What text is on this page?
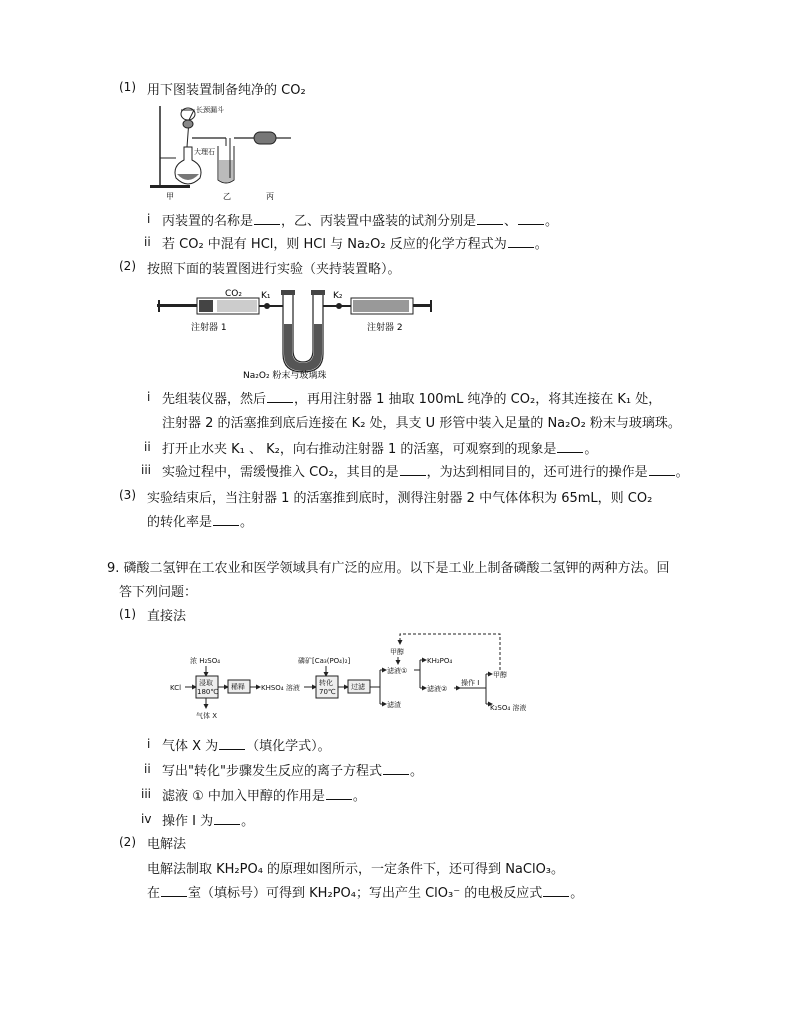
(1) 用下图装置制备纯净的 CO₂
长颈漏斗
大理石
甲	乙	丙
i 丙装置的名称是 ，乙、丙装置中盛装的试剂分别是 、 。
ii 若 CO₂ 中混有 HCl，则 HCl 与 Na₂O₂ 反应的化学方程式为 。
(2) 按照下面的装置图进行实验（夹持装置略）。
CO₂ K₁	K₂
注射器 1	注射器 2
Na₂O₂ 粉末与玻璃珠
i 先组装仪器，然后 ，再用注射器 1 抽取 100mL 纯净的 CO₂，将其连接在 K₁ 处，
注射器 2 的活塞推到底后连接在 K₂ 处，具支 U 形管中装入足量的 Na₂O₂ 粉末与玻璃珠。
ii 打开止水夹 K₁ 、 K₂，向右推动注射器 1 的活塞，可观察到的现象是 。
iii 实验过程中，需缓慢推入 CO₂，其目的是 ，为达到相同目的，还可进行的操作是 。
(3) 实验结束后，当注射器 1 的活塞推到底时，测得注射器 2 中气体体积为 65mL，则 CO₂
的转化率是 。
9. 磷酸二氢钾在工农业和医学领域具有广泛的应用。以下是工业上制备磷酸二氢钾的两种方法。回
答下列问题：
(1) 直接法
KCl
浓 H₂SO₄
浸取
180℃
气体 X
稀释 KHSO₄ 溶液
磷矿[Ca₃(PO₄)₂]
转化
70℃
过滤
滤液①
滤渣
甲醇
KH₂PO₄
滤液②
操作 I
甲醇
K₂SO₄ 溶液
i 气体 X 为 （填化学式）。
ii 写出"转化"步骤发生反应的离子方程式 。
iii 滤液 ① 中加入甲醇的作用是 。
iv 操作 I 为 。
(2) 电解法
电解法制取 KH₂PO₄ 的原理如图所示，一定条件下，还可得到 NaClO₃。
在 室（填标号）可得到 KH₂PO₄；写出产生 ClO₃⁻ 的电极反应式 。
